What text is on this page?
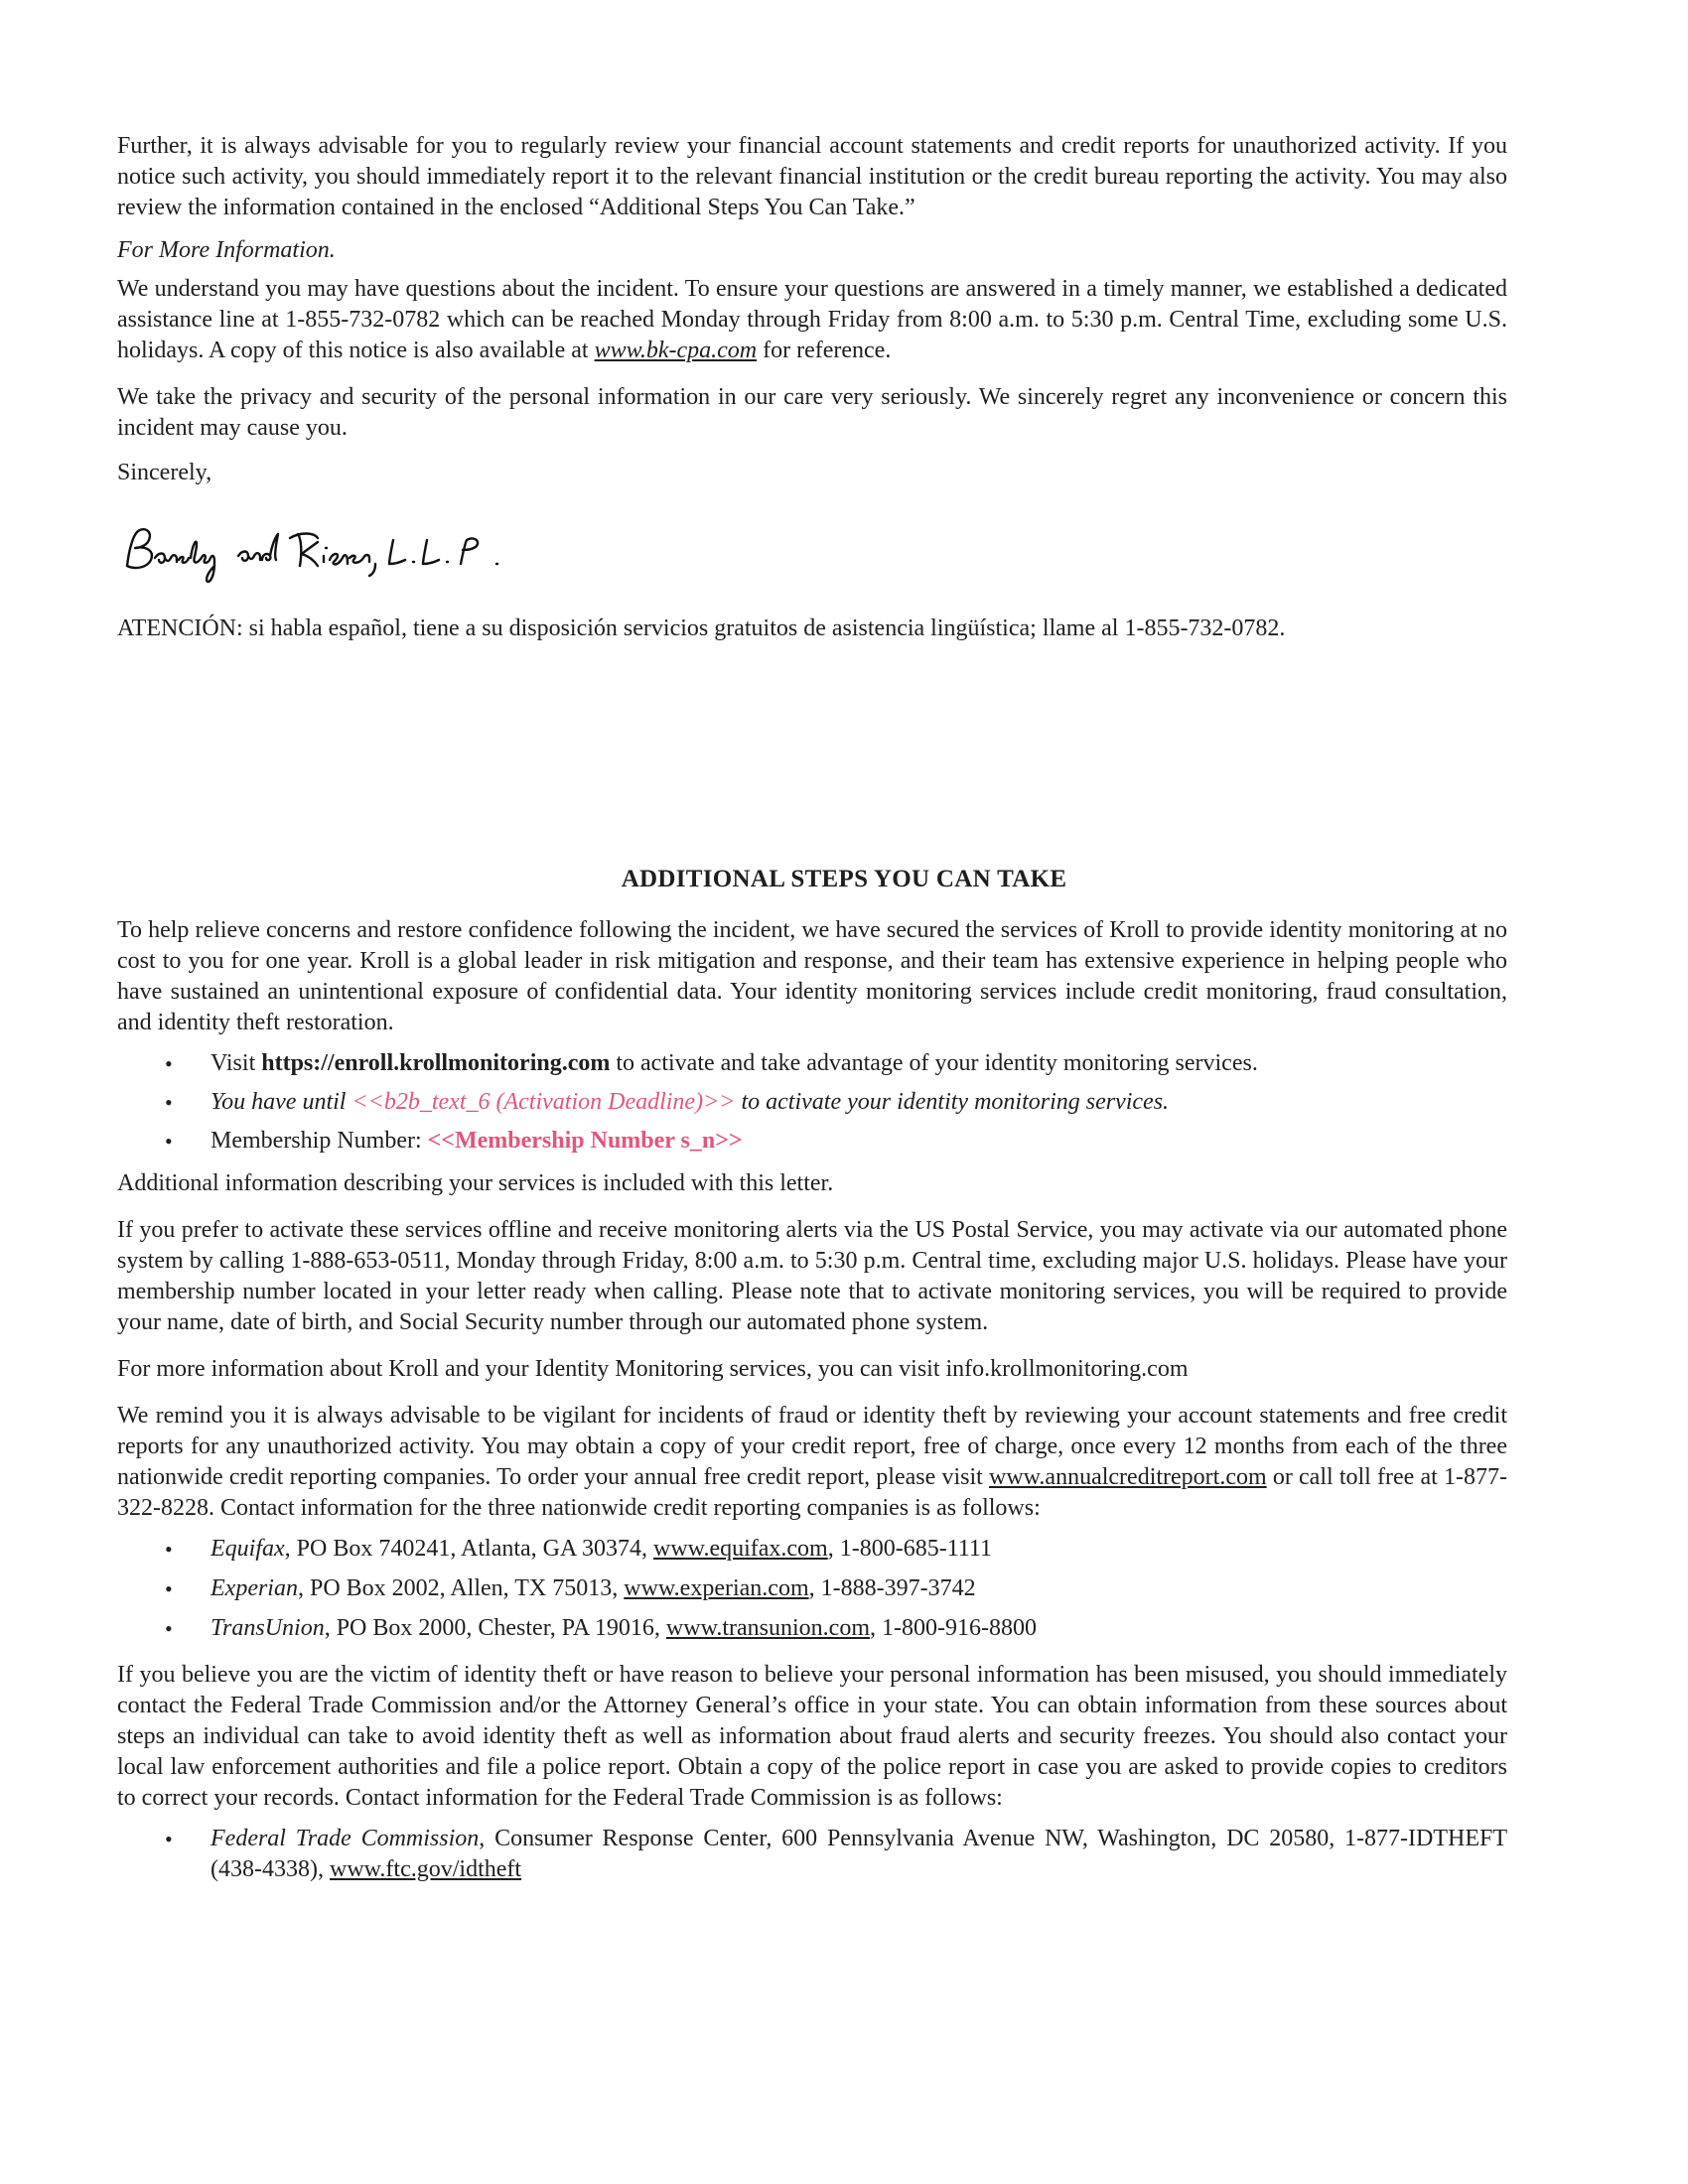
Further, it is always advisable for you to regularly review your financial account statements and credit reports for unauthorized activity. If you notice such activity, you should immediately report it to the relevant financial institution or the credit bureau reporting the activity. You may also review the information contained in the enclosed “Additional Steps You Can Take.”

For More Information.

We understand you may have questions about the incident. To ensure your questions are answered in a timely manner, we established a dedicated assistance line at 1-855-732-0782 which can be reached Monday through Friday from 8:00 a.m. to 5:30 p.m. Central Time, excluding some U.S. holidays. A copy of this notice is also available at www.bk-cpa.com for reference.

We take the privacy and security of the personal information in our care very seriously. We sincerely regret any inconvenience or concern this incident may cause you.

Sincerely,

ATENCIÓN: si habla español, tiene a su disposición servicios gratuitos de asistencia lingüística; llame al 1-855-732-0782.

ADDITIONAL STEPS YOU CAN TAKE

To help relieve concerns and restore confidence following the incident, we have secured the services of Kroll to provide identity monitoring at no cost to you for one year. Kroll is a global leader in risk mitigation and response, and their team has extensive experience in helping people who have sustained an unintentional exposure of confidential data. Your identity monitoring services include credit monitoring, fraud consultation, and identity theft restoration.

• Visit https://enroll.krollmonitoring.com to activate and take advantage of your identity monitoring services.
• You have until <<b2b_text_6 (Activation Deadline)>> to activate your identity monitoring services.
• Membership Number: <<Membership Number s_n>>

Additional information describing your services is included with this letter.

If you prefer to activate these services offline and receive monitoring alerts via the US Postal Service, you may activate via our automated phone system by calling 1-888-653-0511, Monday through Friday, 8:00 a.m. to 5:30 p.m. Central time, excluding major U.S. holidays. Please have your membership number located in your letter ready when calling. Please note that to activate monitoring services, you will be required to provide your name, date of birth, and Social Security number through our automated phone system.

For more information about Kroll and your Identity Monitoring services, you can visit info.krollmonitoring.com

We remind you it is always advisable to be vigilant for incidents of fraud or identity theft by reviewing your account statements and free credit reports for any unauthorized activity. You may obtain a copy of your credit report, free of charge, once every 12 months from each of the three nationwide credit reporting companies. To order your annual free credit report, please visit www.annualcreditreport.com or call toll free at 1-877-322-8228. Contact information for the three nationwide credit reporting companies is as follows:

• Equifax, PO Box 740241, Atlanta, GA 30374, www.equifax.com, 1-800-685-1111
• Experian, PO Box 2002, Allen, TX 75013, www.experian.com, 1-888-397-3742
• TransUnion, PO Box 2000, Chester, PA 19016, www.transunion.com, 1-800-916-8800

If you believe you are the victim of identity theft or have reason to believe your personal information has been misused, you should immediately contact the Federal Trade Commission and/or the Attorney General’s office in your state. You can obtain information from these sources about steps an individual can take to avoid identity theft as well as information about fraud alerts and security freezes. You should also contact your local law enforcement authorities and file a police report. Obtain a copy of the police report in case you are asked to provide copies to creditors to correct your records. Contact information for the Federal Trade Commission is as follows:

• Federal Trade Commission, Consumer Response Center, 600 Pennsylvania Avenue NW, Washington, DC 20580, 1-877-IDTHEFT (438-4338), www.ftc.gov/idtheft
